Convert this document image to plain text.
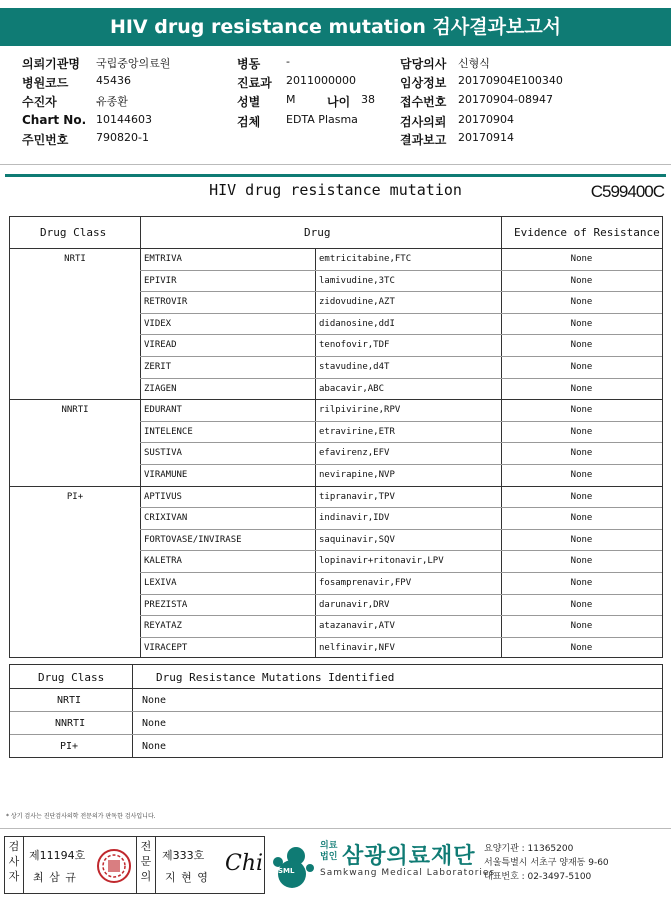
HIV drug resistance mutation 검사결과보고서
의뢰기관명 국립중앙의료원	병동 -	담당의사 신형식
병원코드	45436	진료과 2011000000	임상정보 20170904E100340
수진자	유종환	성별 M	나이 38 접수번호 20170904-08947
Chart No. 10144603	검체 EDTA Plasma	검사의뢰 20170904
주민번호	790820-1	결과보고 20170914
HIV drug resistance mutation	C599400C
Drug Class	Drug	Evidence of Resistance
NRTI	EMTRIVA	emtricitabine,FTC	None
EPIVIR	lamivudine,3TC	None
RETROVIR	zidovudine,AZT	None
VIDEX	didanosine,ddI	None
VIREAD	tenofovir,TDF	None
ZERIT	stavudine,d4T	None
ZIAGEN	abacavir,ABC	None
NNRTI	EDURANT	rilpivirine,RPV	None
INTELENCE	etravirine,ETR	None
SUSTIVA	efavirenz,EFV	None
VIRAMUNE	nevirapine,NVP	None
PI+	APTIVUS	tipranavir,TPV	None
CRIXIVAN	indinavir,IDV	None
FORTOVASE/INVIRASE	saquinavir,SQV	None
KALETRA	lopinavir+ritonavir,LPV	None
LEXIVA	fosamprenavir,FPV	None
PREZISTA	darunavir,DRV	None
REYATAZ	atazanavir,ATV	None
VIRACEPT	nelfinavir,NFV	None
Drug Class	Drug Resistance Mutations Identified
NRTI	None
NNRTI	None
PI+	None
* 상기 검사는 진단검사의학 전문의가 판독한 검사입니다.
검사자
제11194호
최 삼 규
전문의
제333호
지 현 영
Chi SML
의료
법인 삼광의료재단
Samkwang Medical Laboratories
요양기관 : 11365200
서울특별시 서초구 양재동 9-60
대표번호 : 02-3497-5100
